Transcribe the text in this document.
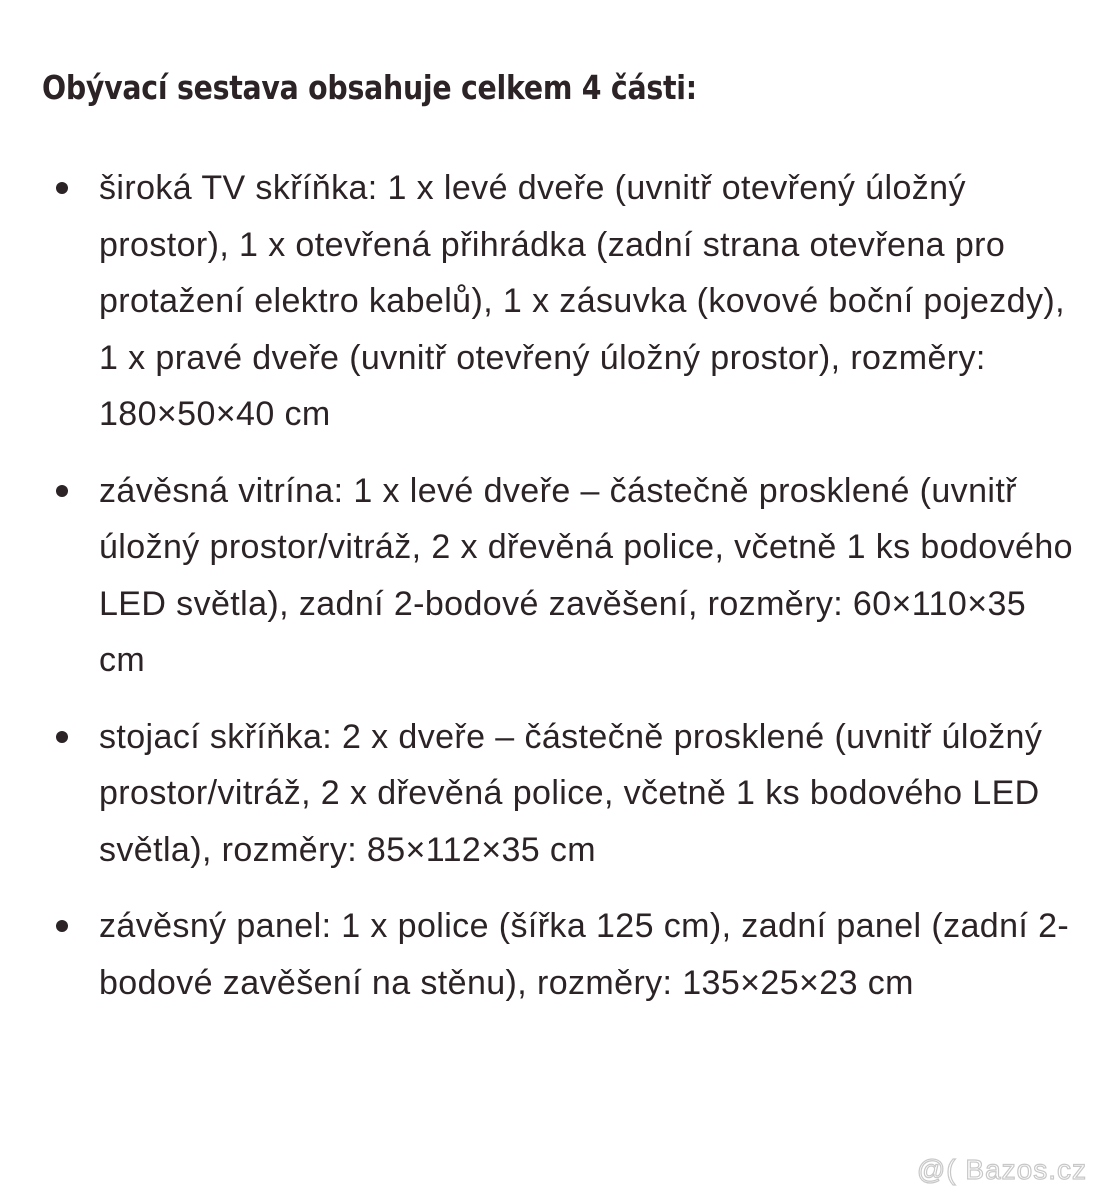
Obývací sestava obsahuje celkem 4 části:
široká TV skříňka: 1 x levé dveře (uvnitř otevřený úložný prostor), 1 x otevřená přihrádka (zadní strana otevřena pro protažení elektro kabelů), 1 x zásuvka (kovové boční pojezdy), 1 x pravé dveře (uvnitř otevřený úložný prostor), rozměry: 180×50×40 cm
závěsná vitrína: 1 x levé dveře – částečně prosklené (uvnitř úložný prostor/vitráž, 2 x dřevěná police, včetně 1 ks bodového LED světla), zadní 2-bodové zavěšení, rozměry: 60×110×35 cm
stojací skříňka: 2 x dveře – částečně prosklené (uvnitř úložný prostor/vitráž, 2 x dřevěná police, včetně 1 ks bodového LED světla), rozměry: 85×112×35 cm
závěsný panel: 1 x police (šířka 125 cm), zadní panel (zadní 2-bodové zavěšení na stěnu), rozměry: 135×25×23 cm
@( Bazos.cz
